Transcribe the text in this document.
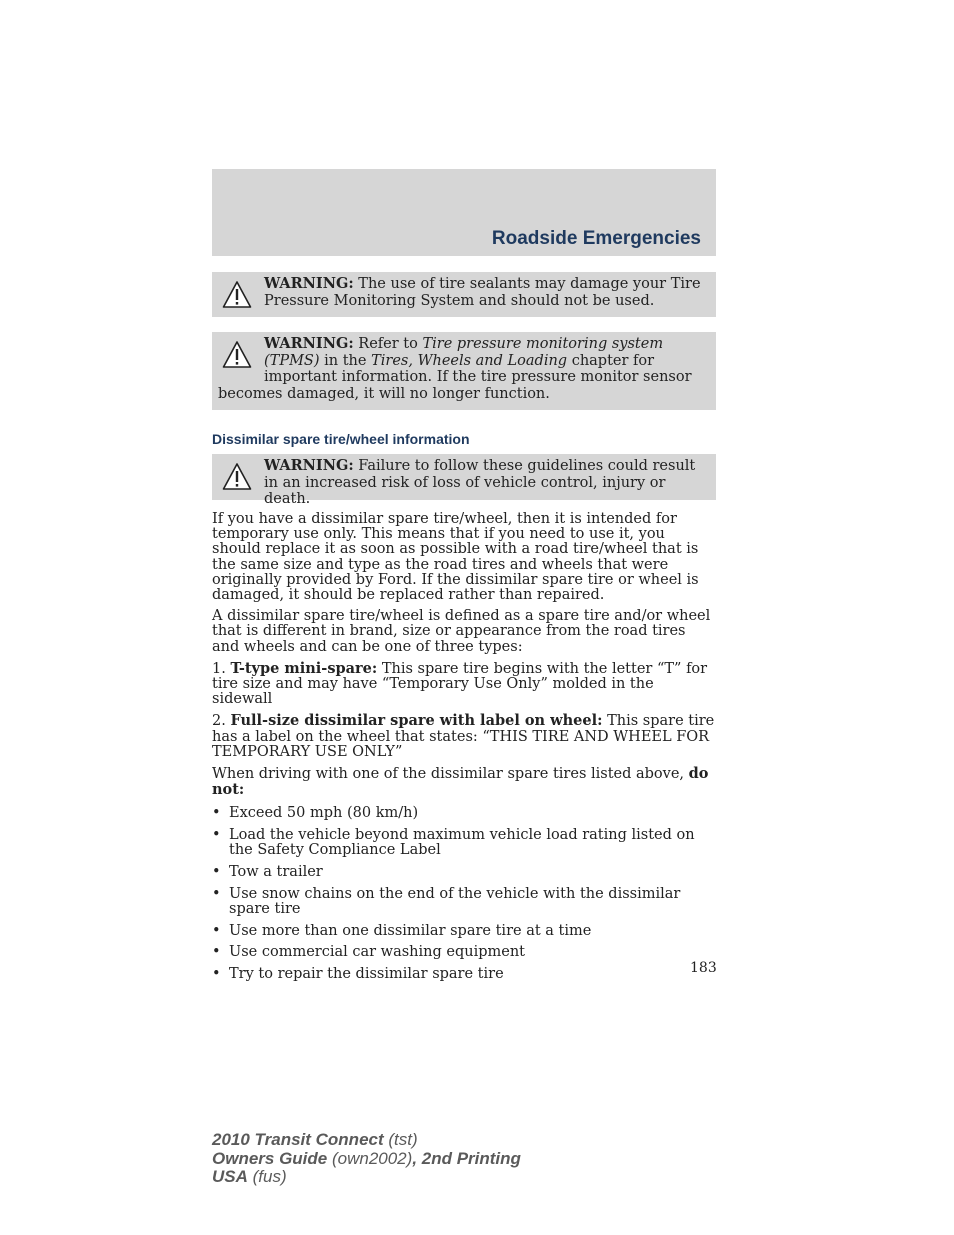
Roadside Emergencies
WARNING: The use of tire sealants may damage your Tire Pressure Monitoring System and should not be used.
WARNING: Refer to Tire pressure monitoring system (TPMS) in the Tires, Wheels and Loading chapter for important information. If the tire pressure monitor sensor becomes damaged, it will no longer function.
Dissimilar spare tire/wheel information
WARNING: Failure to follow these guidelines could result in an increased risk of loss of vehicle control, injury or death.

If you have a dissimilar spare tire/wheel, then it is intended for temporary use only. This means that if you need to use it, you should replace it as soon as possible with a road tire/wheel that is the same size and type as the road tires and wheels that were originally provided by Ford. If the dissimilar spare tire or wheel is damaged, it should be replaced rather than repaired.

A dissimilar spare tire/wheel is defined as a spare tire and/or wheel that is different in brand, size or appearance from the road tires and wheels and can be one of three types:

1. T-type mini-spare: This spare tire begins with the letter “T” for tire size and may have “Temporary Use Only” molded in the sidewall

2. Full-size dissimilar spare with label on wheel: This spare tire has a label on the wheel that states: “THIS TIRE AND WHEEL FOR TEMPORARY USE ONLY”

When driving with one of the dissimilar spare tires listed above, do not:

• Exceed 50 mph (80 km/h)
• Load the vehicle beyond maximum vehicle load rating listed on the Safety Compliance Label
• Tow a trailer
• Use snow chains on the end of the vehicle with the dissimilar spare tire
• Use more than one dissimilar spare tire at a time
• Use commercial car washing equipment
• Try to repair the dissimilar spare tire	183
2010 Transit Connect (tst)
Owners Guide (own2002), 2nd Printing
USA (fus)
